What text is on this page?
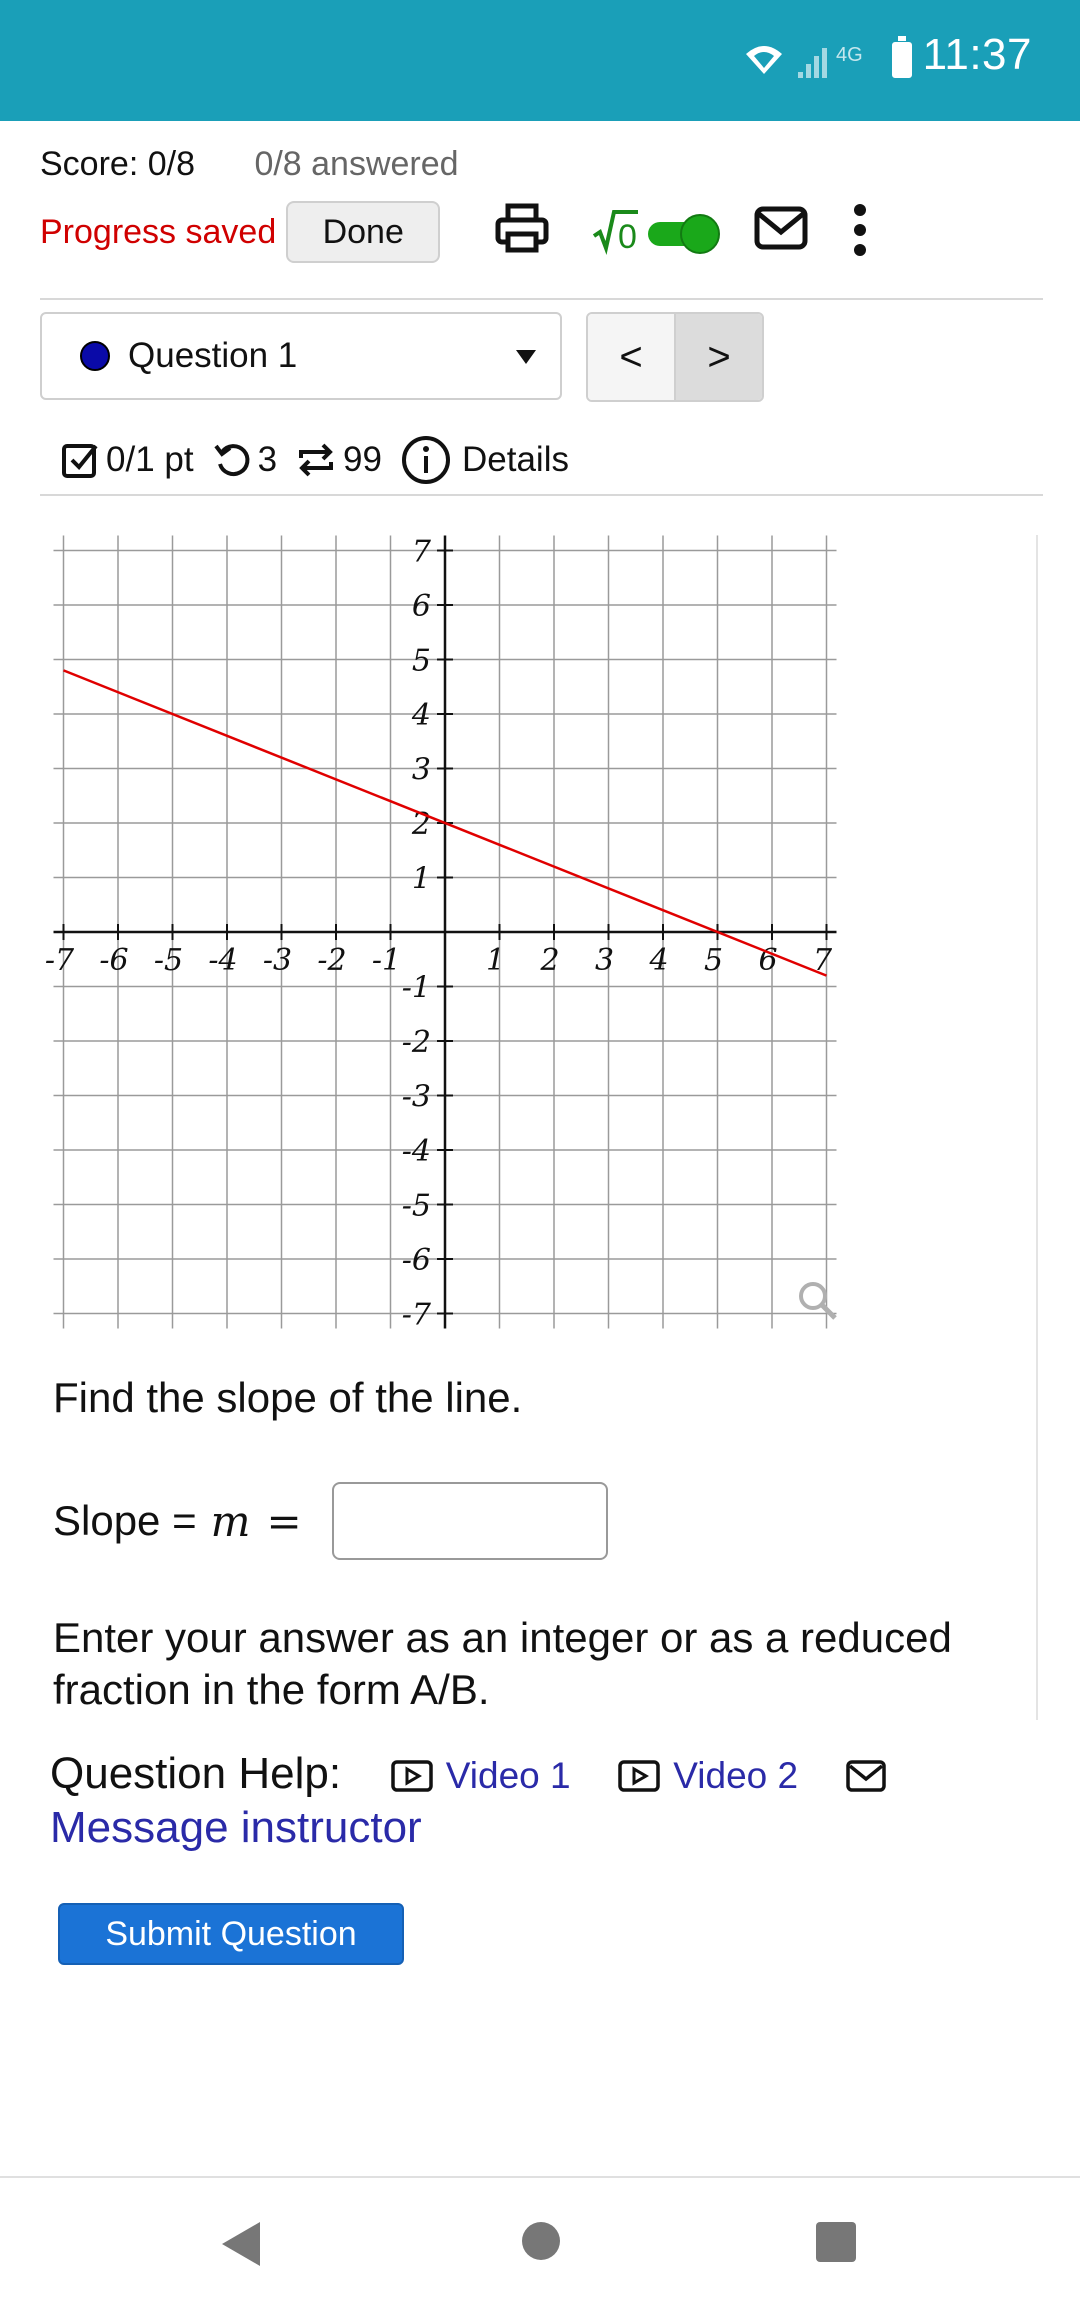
4G 11:37
Score: 0/8 0/8 answered
Progress saved	Done	0
Question 1	<	>
0/1 pt 3 99 Details
-7 -6 -5 -4 -3 -2 -1	1 2 3 4 5 6 7
7
6
5
4
3
2
1
-1
-2
-3
-4
-5
-6
-7
Find the slope of the line.
Slope = m =
Enter your answer as an integer or as a reduced fraction in the form A/B.
Question Help:	Video 1	Video 2   Message instructor
Submit Question
